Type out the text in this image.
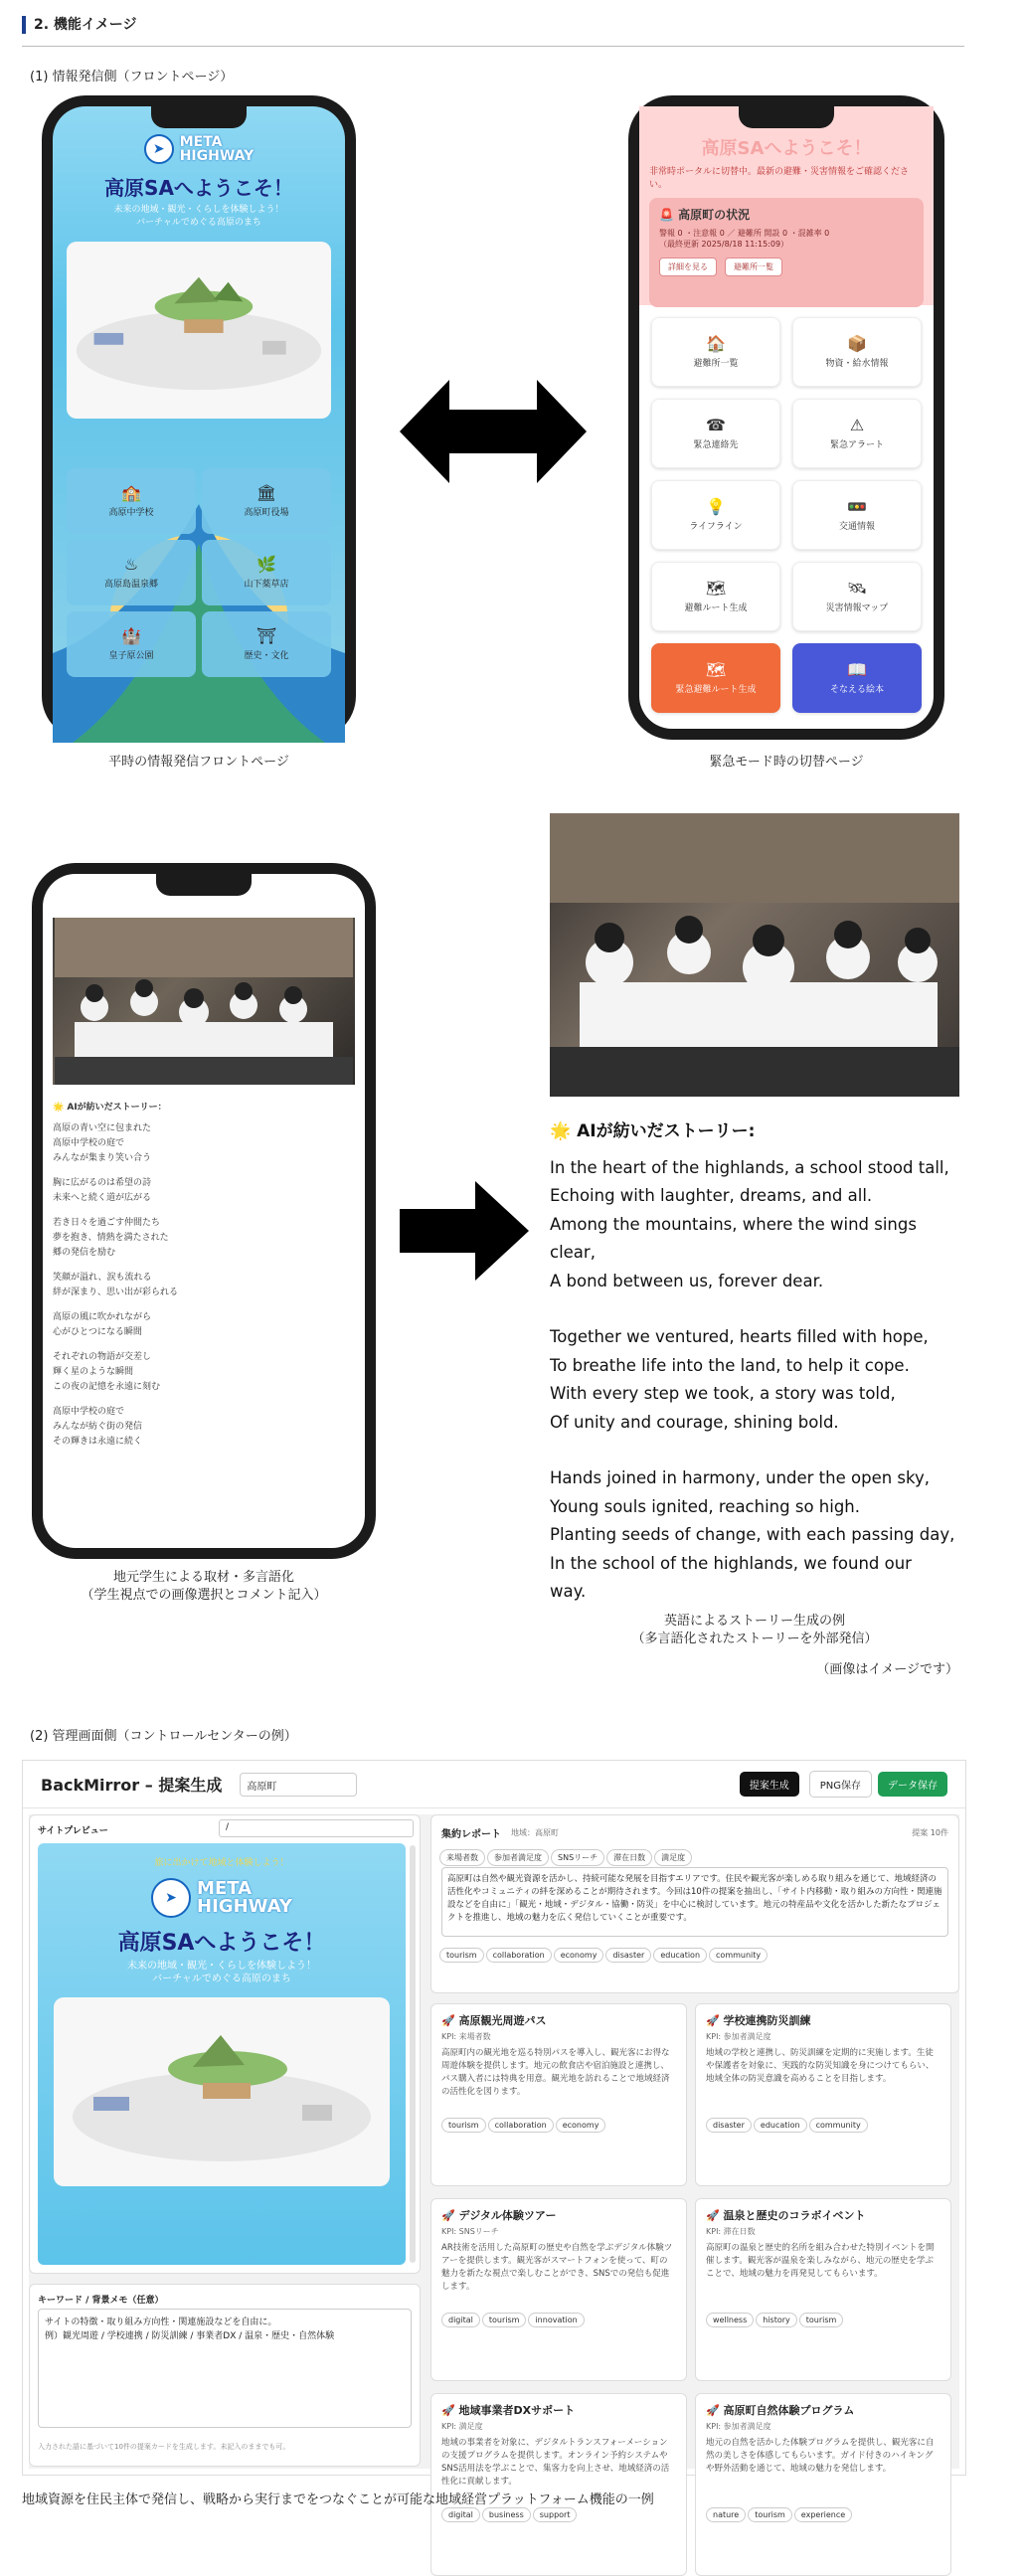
2. 機能イメージ
(1) 情報発信側（フロントページ）
➤	META
HIGHWAY
高原SAへようこそ！
未来の地域・観光・くらしを体験しよう！
バーチャルでめぐる高原のまち
🏫
高原中学校
🏛
高原町役場
♨
高原島温泉郷
🌿
山下薬草店
🏰
皇子原公園
⛩
歴史・文化
高原SAへようこそ！
非常時ポータルに切替中。最新の避難・災害情報をご確認ください。
🚨 高原町の状況
警報 0 ・注意報 0 ／ 避難所 開設 0 ・混雑率 0
（最終更新 2025/8/18 11:15:09）
詳細を見る	避難所一覧
🏠
避難所一覧
📦
物資・給水情報
☎
緊急連絡先
⚠
緊急アラート
💡
ライフライン
🚥
交通情報
🗺
避難ルート生成
🛰
災害情報マップ
🗺
緊急避難ルート生成
📖
そなえる絵本
平時の情報発信フロントページ	緊急モード時の切替ページ
🌟 AIが紡いだストーリー：
高原の青い空に包まれた
高原中学校の庭で
みんなが集まり笑い合う
胸に広がるのは希望の詩
未来へと続く道が広がる
若き日々を過ごす仲間たち
夢を抱き、情熱を満たされた
郷の発信を励む
笑顔が溢れ、涙も流れる
絆が深まり、思い出が彩られる
高原の風に吹かれながら
心がひとつになる瞬間
それぞれの物語が交差し
輝く星のような瞬間
この夜の記憶を永遠に刻む
高原中学校の庭で
みんなが紡ぐ街の発信
その輝きは永遠に続く
🌟 AIが紡いだストーリー:

In the heart of the highlands, a school stood tall,
Echoing with laughter, dreams, and all.
Among the mountains, where the wind sings
clear,
A bond between us, forever dear.

Together we ventured, hearts filled with hope,
To breathe life into the land, to help it cope.
With every step we took, a story was told,
Of unity and courage, shining bold.

Hands joined in harmony, under the open sky,
Young souls ignited, reaching so high.
Planting seeds of change, with each passing day,
In the school of the highlands, we found our
way.

地元学生による取材・多言語化
（学生視点での画像選択とコメント記入）
英語によるストーリー生成の例
（多言語化されたストーリーを外部発信）
（画像はイメージです）
(2) 管理画面側（コントロールセンターの例）
BackMirror – 提案生成	高原町	提案生成	PNG保存	データ保存
サイトプレビュー	/
旅に出かけて地域と体験しよう！
➤	META
HIGHWAY
高原SAへようこそ！
未来の地域・観光・くらしを体験しよう！
バーチャルでめぐる高原のまち
キーワード / 背景メモ（任意）
サイトの特徴・取り組み方向性・関連施設などを自由に。
例）観光周遊 / 学校連携 / 防災訓練 / 事業者DX / 温泉・歴史・自然体験
入力された語に基づいて10件の提案カードを生成します。未記入のままでも可。
集約レポート 地域：高原町	提案 10件
来場者数 参加者満足度 SNSリーチ 滞在日数 満足度
高原町は自然や観光資源を活かし、持続可能な発展を目指すエリアです。住民や観光客が楽しめる取り組みを通じて、地域経済の活性化やコミュニティの絆を深めることが期待されます。今回は10件の提案を抽出し、「サイト内移動・取り組みの方向性・関連施設などを自由に」「観光・地域・デジタル・協働・防災」を中心に検討しています。地元の特産品や文化を活かした新たなプロジェクトを推進し、地域の魅力を広く発信していくことが重要です。
tourism collaboration economy disaster education community
🚀 高原観光周遊パス
KPI: 来場者数
高原町内の観光地を巡る特別パスを導入し、観光客にお得な周遊体験を提供します。地元の飲食店や宿泊施設と連携し、パス購入者には特典を用意。観光地を訪れることで地域経済の活性化を図ります。
tourism collaboration economy
🚀 学校連携防災訓練
KPI: 参加者満足度
地域の学校と連携し、防災訓練を定期的に実施します。生徒や保護者を対象に、実践的な防災知識を身につけてもらい、地域全体の防災意識を高めることを目指します。
disaster education community
🚀 デジタル体験ツアー
KPI: SNSリーチ
AR技術を活用した高原町の歴史や自然を学ぶデジタル体験ツアーを提供します。観光客がスマートフォンを使って、町の魅力を新たな視点で楽しむことができ、SNSでの発信も促進します。
digital tourism innovation
🚀 温泉と歴史のコラボイベント
KPI: 滞在日数
高原町の温泉と歴史的名所を組み合わせた特別イベントを開催します。観光客が温泉を楽しみながら、地元の歴史を学ぶことで、地域の魅力を再発見してもらいます。
wellness history tourism
🚀 地域事業者DXサポート
KPI: 満足度
地域の事業者を対象に、デジタルトランスフォーメーションの支援プログラムを提供します。オンライン予約システムやSNS活用法を学ぶことで、集客力を向上させ、地域経済の活性化に貢献します。
digital business support
🚀 高原町自然体験プログラム
KPI: 参加者満足度
地元の自然を活かした体験プログラムを提供し、観光客に自然の美しさを体感してもらいます。ガイド付きのハイキングや野外活動を通じて、地域の魅力を発信します。
nature tourism experience
地域資源を住民主体で発信し、戦略から実行までをつなぐことが可能な地域経営プラットフォーム機能の一例
